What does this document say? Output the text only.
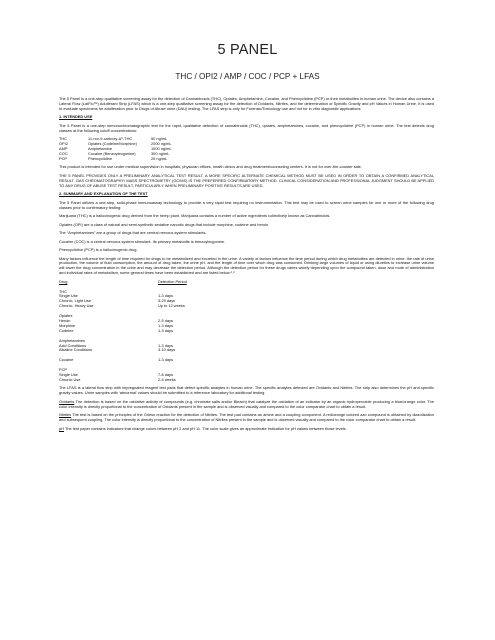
5 PANEL
THC / OPI2 / AMP / COC / PCP + LFAS

The 5 Panel is a one-step qualitative screening assay for the detection of Cannabinoids (THC), Opiates, Amphetamine, Cocaine, and Phencyclidine (PCP) or their metabolites in human urine. The device also contains a Lateral Flow (LatFlo™) Adulterant Strip (LFAS) which is a one-step qualitative screening assay for the detection of Oxidants, Nitrites, and the determination of Specific Gravity and pH Values in Human Urine. It is used to evaluate specimens for adulteration prior to Drugs of Abuse urine (DAU) testing. The LFAS strip is only for Forensic/Toxicology use and not for in vitro diagnostic applications.

1. INTENDED USE

The 5 Panel is a one-step immunochromatographic test for the rapid, qualitative detection of cannabinoids (THC), opiates, amphetamines, cocaine, and phencyclidine (PCP) in human urine. The test detects drug classes at the following cutoff concentrations:

THC	11-nor-9-carboxy-Δ⁹-THC	50 ng/mL
OPI2	Opiates (Codeine/Morphine)	2000 ng/mL
AMP	Amphetamine	1000 ng/mL
COC	Cocaine (Benzoylecgonine)	300 ng/mL
PCP	Phencyclidine	25 ng/mL

This product is intended for use under medical supervision in hospitals, physician offices, health clinics and drug treatment/counseling centers. It is not for over-the-counter sale.

THE 5 PANEL PROVIDES ONLY A PRELIMINARY ANALYTICAL TEST RESULT. A MORE SPECIFIC ALTERNATE CHEMICAL METHOD MUST BE USED IN ORDER TO OBTAIN A CONFIRMED ANALYTICAL RESULT. GAS CHROMATOGRAPHY/ MASS SPECTROMETRY (GC/MS) IS THE PREFERRED CONFIRMATORY METHOD. CLINICAL CONSIDERATION AND PROFESSIONAL JUDGMENT SHOULD BE APPLIED TO ANY DRUG OF ABUSE TEST RESULT, PARTICULARLY WHEN PRELIMINARY POSITIVE RESULTS ARE USED.

2. SUMMARY AND EXPLANATION OF THE TEST

The 5 Panel utilizes a one-step, solid-phase immunoassay technology to provide a very rapid test requiring no instrumentation. This test may be used to screen urine samples for one or more of the following drug classes prior to confirmatory testing:

Marijuana (THC) is a hallucinogenic drug derived from the hemp plant. Marijuana contains a number of active ingredients collectively known as Cannabinoids.

Opiates (OPI) are a class of natural and semi-synthetic sedative narcotic drugs that include morphine, codeine and heroin.

The “Amphetamines” are a group of drugs that are central nervous system stimulants.

Cocaine (COC) is a central nervous system stimulant. Its primary metabolite is benzoylecgonine.

Phencyclidine (PCP) is a hallucinogenic drug.

Many factors influence the length of time required for drugs to be metabolized and excreted in the urine. A variety of factors influence the time period during which drug metabolites are detected in urine: the rate of urine production, the volume of fluid consumption, the amount of drug taken, the urine pH, and the length of time over which drug was consumed. Drinking large volumes of liquid or using diuretics to increase urine volume will lower the drug concentration in the urine and may decrease the detection period. Although the detection period for these drugs varies widely depending upon the compound taken, dose and route of administration and individual rates of metabolism, some general times have been established and are listed below:¹˒²

Drug	Detection Period

THC	
Single Use	1-3 days
Chronic, Light Use	3-29 days
Chronic, Heavy Use	Up to 12 weeks

Opiates	
Heroin	2-5 days
Morphine	1-3 days
Codeine	1-3 days

Amphetamines	
Acid Conditions	1-3 days
Alkaline Conditions	3-10 days

Cocaine	1-3 days

PCP	
Single Use	7-8 days
Chronic Use	2-4 weeks

The LFAS is a lateral flow strip with impregnated reagent test pads that detect specific analytes in human urine. The specific analytes detected are Oxidants and Nitrites. The strip also determines the pH and specific gravity values. Urine samples with ‘abnormal’ values should be submitted to a reference laboratory for additional testing.

Oxidants The detection is based on the oxidative activity of compounds (e.g. chromate salts and/or Bleach) that catalyze the oxidation of an indicator by an organic hydroperoxide producing a blue/orange color. The color intensity is directly proportional to the concentration of Oxidants present in the sample and is observed visually and compared to the color comparator chart to obtain a result.

Nitrites The test is based on the principles of the Griess reaction for the detection of Nitrites. The test pad contains an amine and a coupling component. A red/orange colored azo compound is obtained by diazotization and subsequent coupling. The color intensity is directly proportional to the concentration of Nitrites present in the sample and is observed visually and compared to the color comparator chart to obtain a result.

pH The test paper contains indicators that change colors between pH 2 and pH 11. The color scale gives an approximate indication for pH values between those levels.
